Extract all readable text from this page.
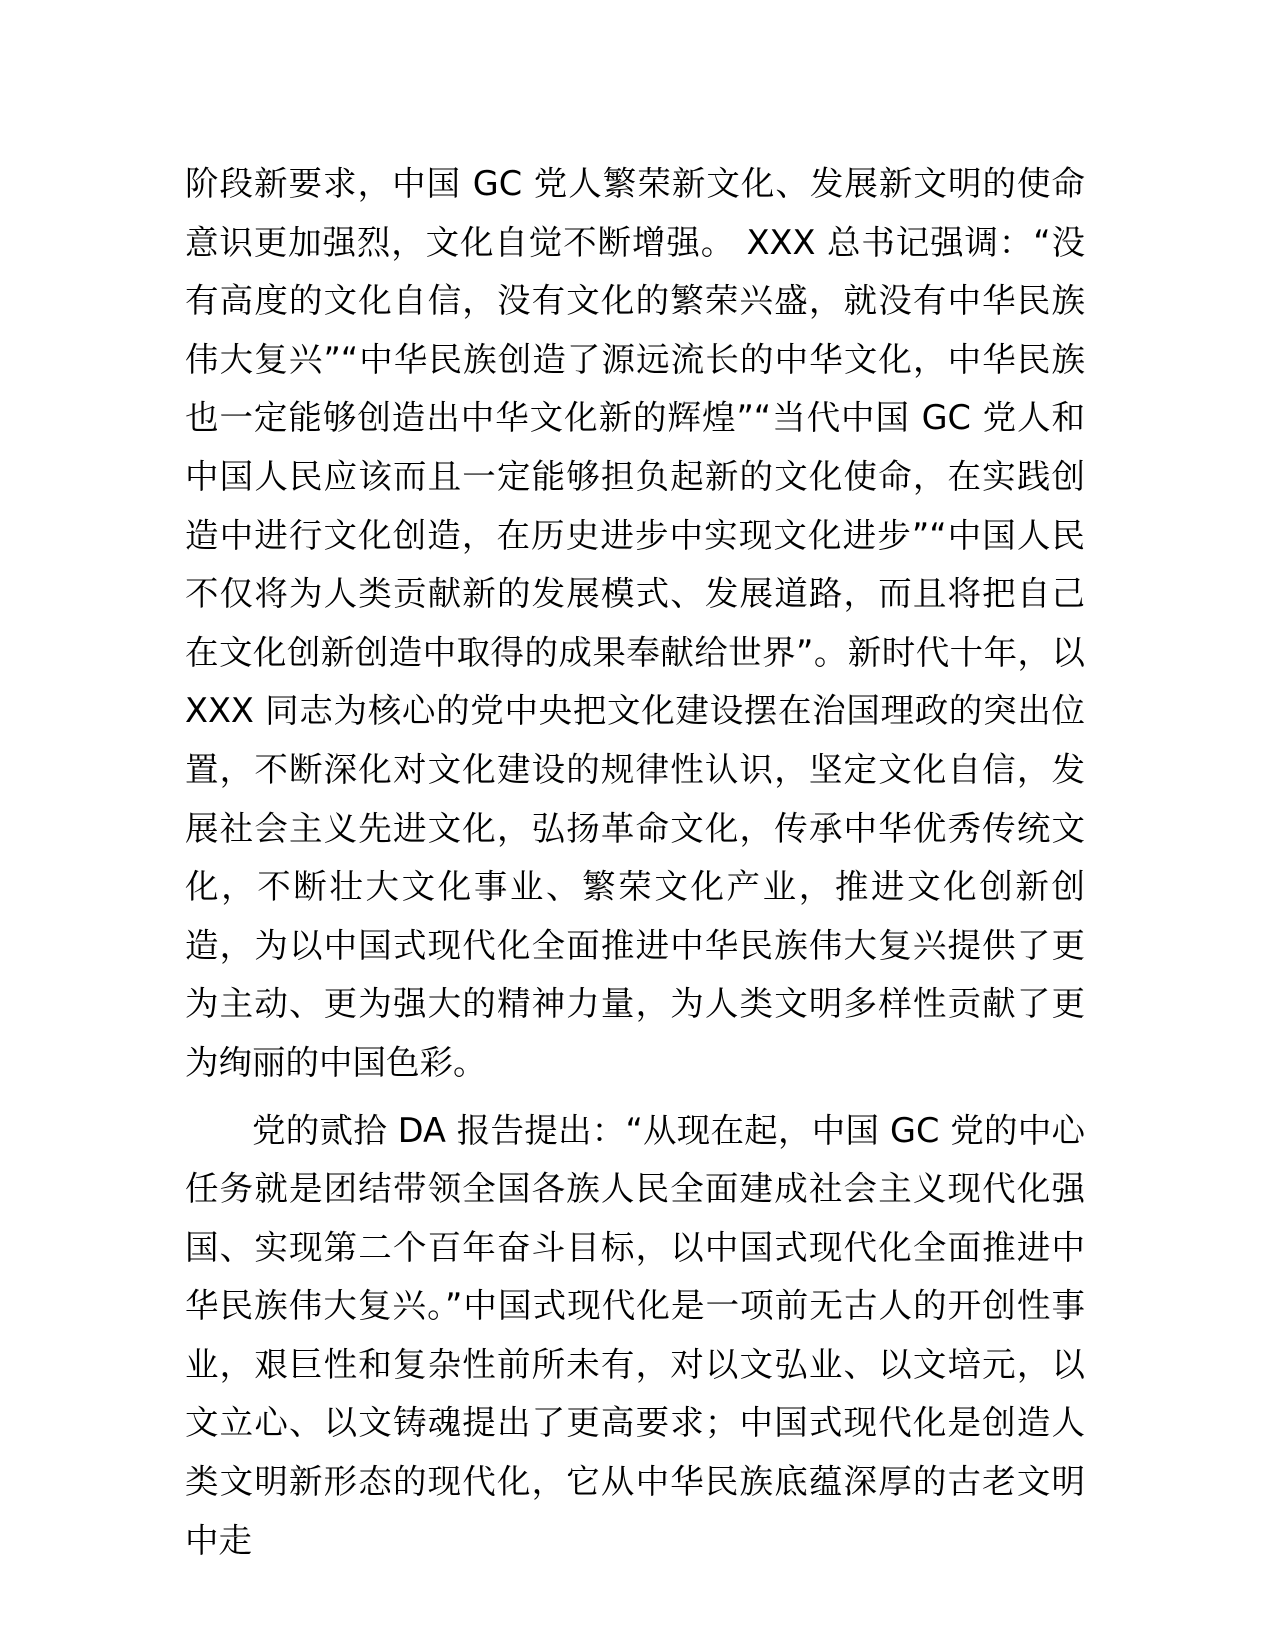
阶段新要求，中国 GC 党人繁荣新文化、发展新文明的使命意识更加强烈，文化自觉不断增强。 XXX 总书记强调：“没有高度的文化自信，没有文化的繁荣兴盛，就没有中华民族伟大复兴”“中华民族创造了源远流长的中华文化，中华民族也一定能够创造出中华文化新的辉煌”“当代中国 GC 党人和中国人民应该而且一定能够担负起新的文化使命，在实践创造中进行文化创造，在历史进步中实现文化进步”“中国人民不仅将为人类贡献新的发展模式、发展道路，而且将把自己在文化创新创造中取得的成果奉献给世界”。新时代十年，以 XXX 同志为核心的党中央把文化建设摆在治国理政的突出位置，不断深化对文化建设的规律性认识，坚定文化自信，发展社会主义先进文化，弘扬革命文化，传承中华优秀传统文化，不断壮大文化事业、繁荣文化产业，推进文化创新创造，为以中国式现代化全面推进中华民族伟大复兴提供了更为主动、更为强大的精神力量，为人类文明多样性贡献了更为绚丽的中国色彩。

党的贰拾 DA 报告提出：“从现在起，中国 GC 党的中心任务就是团结带领全国各族人民全面建成社会主义现代化强国、实现第二个百年奋斗目标，以中国式现代化全面推进中华民族伟大复兴。”中国式现代化是一项前无古人的开创性事业，艰巨性和复杂性前所未有，对以文弘业、以文培元，以文立心、以文铸魂提出了更高要求；中国式现代化是创造人类文明新形态的现代化，它从中华民族底蕴深厚的古老文明中走
